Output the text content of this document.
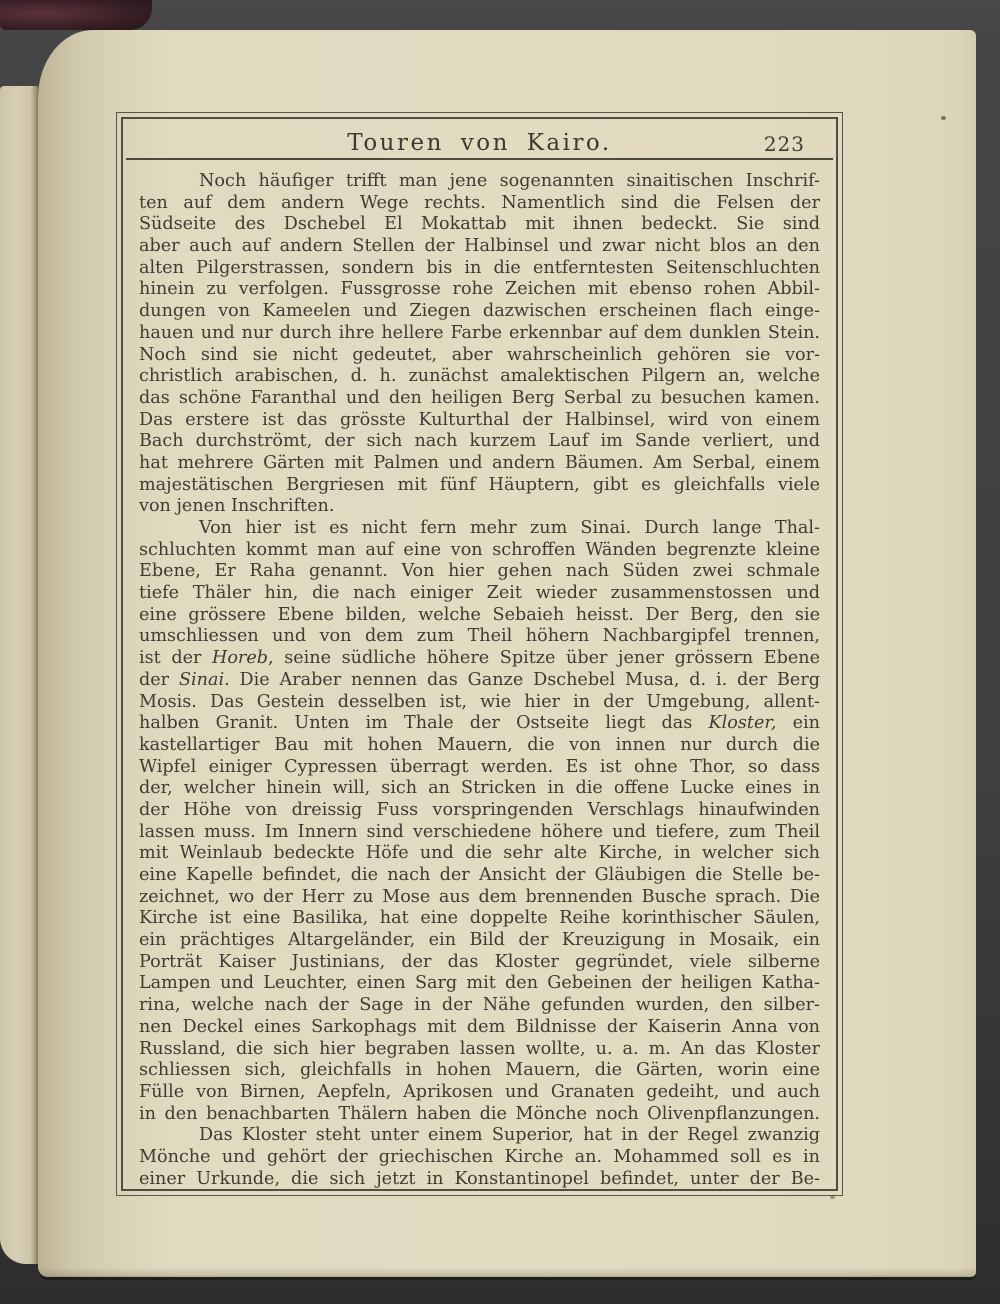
Touren von Kairo.	223
Noch häufiger trifft man jene sogenannten sinaitischen Inschrif-
ten auf dem andern Wege rechts. Namentlich sind die Felsen der
Südseite des Dschebel El Mokattab mit ihnen bedeckt. Sie sind
aber auch auf andern Stellen der Halbinsel und zwar nicht blos an den
alten Pilgerstrassen, sondern bis in die entferntesten Seitenschluchten
hinein zu verfolgen. Fussgrosse rohe Zeichen mit ebenso rohen Abbil-
dungen von Kameelen und Ziegen dazwischen erscheinen flach einge-
hauen und nur durch ihre hellere Farbe erkennbar auf dem dunklen Stein.
Noch sind sie nicht gedeutet, aber wahrscheinlich gehören sie vor-
christlich arabischen, d. h. zunächst amalektischen Pilgern an, welche
das schöne Faranthal und den heiligen Berg Serbal zu besuchen kamen.
Das erstere ist das grösste Kulturthal der Halbinsel, wird von einem
Bach durchströmt, der sich nach kurzem Lauf im Sande verliert, und
hat mehrere Gärten mit Palmen und andern Bäumen. Am Serbal, einem
majestätischen Bergriesen mit fünf Häuptern, gibt es gleichfalls viele
von jenen Inschriften.
Von hier ist es nicht fern mehr zum Sinai. Durch lange Thal-
schluchten kommt man auf eine von schroffen Wänden begrenzte kleine
Ebene, Er Raha genannt. Von hier gehen nach Süden zwei schmale
tiefe Thäler hin, die nach einiger Zeit wieder zusammenstossen und
eine grössere Ebene bilden, welche Sebaieh heisst. Der Berg, den sie
umschliessen und von dem zum Theil höhern Nachbargipfel trennen,
ist der Horeb, seine südliche höhere Spitze über jener grössern Ebene
der Sinai. Die Araber nennen das Ganze Dschebel Musa, d. i. der Berg
Mosis. Das Gestein desselben ist, wie hier in der Umgebung, allent-
halben Granit. Unten im Thale der Ostseite liegt das Kloster, ein
kastellartiger Bau mit hohen Mauern, die von innen nur durch die
Wipfel einiger Cypressen überragt werden. Es ist ohne Thor, so dass
der, welcher hinein will, sich an Stricken in die offene Lucke eines in
der Höhe von dreissig Fuss vorspringenden Verschlags hinaufwinden
lassen muss. Im Innern sind verschiedene höhere und tiefere, zum Theil
mit Weinlaub bedeckte Höfe und die sehr alte Kirche, in welcher sich
eine Kapelle befindet, die nach der Ansicht der Gläubigen die Stelle be-
zeichnet, wo der Herr zu Mose aus dem brennenden Busche sprach. Die
Kirche ist eine Basilika, hat eine doppelte Reihe korinthischer Säulen,
ein prächtiges Altargeländer, ein Bild der Kreuzigung in Mosaik, ein
Porträt Kaiser Justinians, der das Kloster gegründet, viele silberne
Lampen und Leuchter, einen Sarg mit den Gebeinen der heiligen Katha-
rina, welche nach der Sage in der Nähe gefunden wurden, den silber-
nen Deckel eines Sarkophags mit dem Bildnisse der Kaiserin Anna von
Russland, die sich hier begraben lassen wollte, u. a. m. An das Kloster
schliessen sich, gleichfalls in hohen Mauern, die Gärten, worin eine
Fülle von Birnen, Aepfeln, Aprikosen und Granaten gedeiht, und auch
in den benachbarten Thälern haben die Mönche noch Olivenpflanzungen.
Das Kloster steht unter einem Superior, hat in der Regel zwanzig
Mönche und gehört der griechischen Kirche an. Mohammed soll es in
einer Urkunde, die sich jetzt in Konstantinopel befindet, unter der Be-
